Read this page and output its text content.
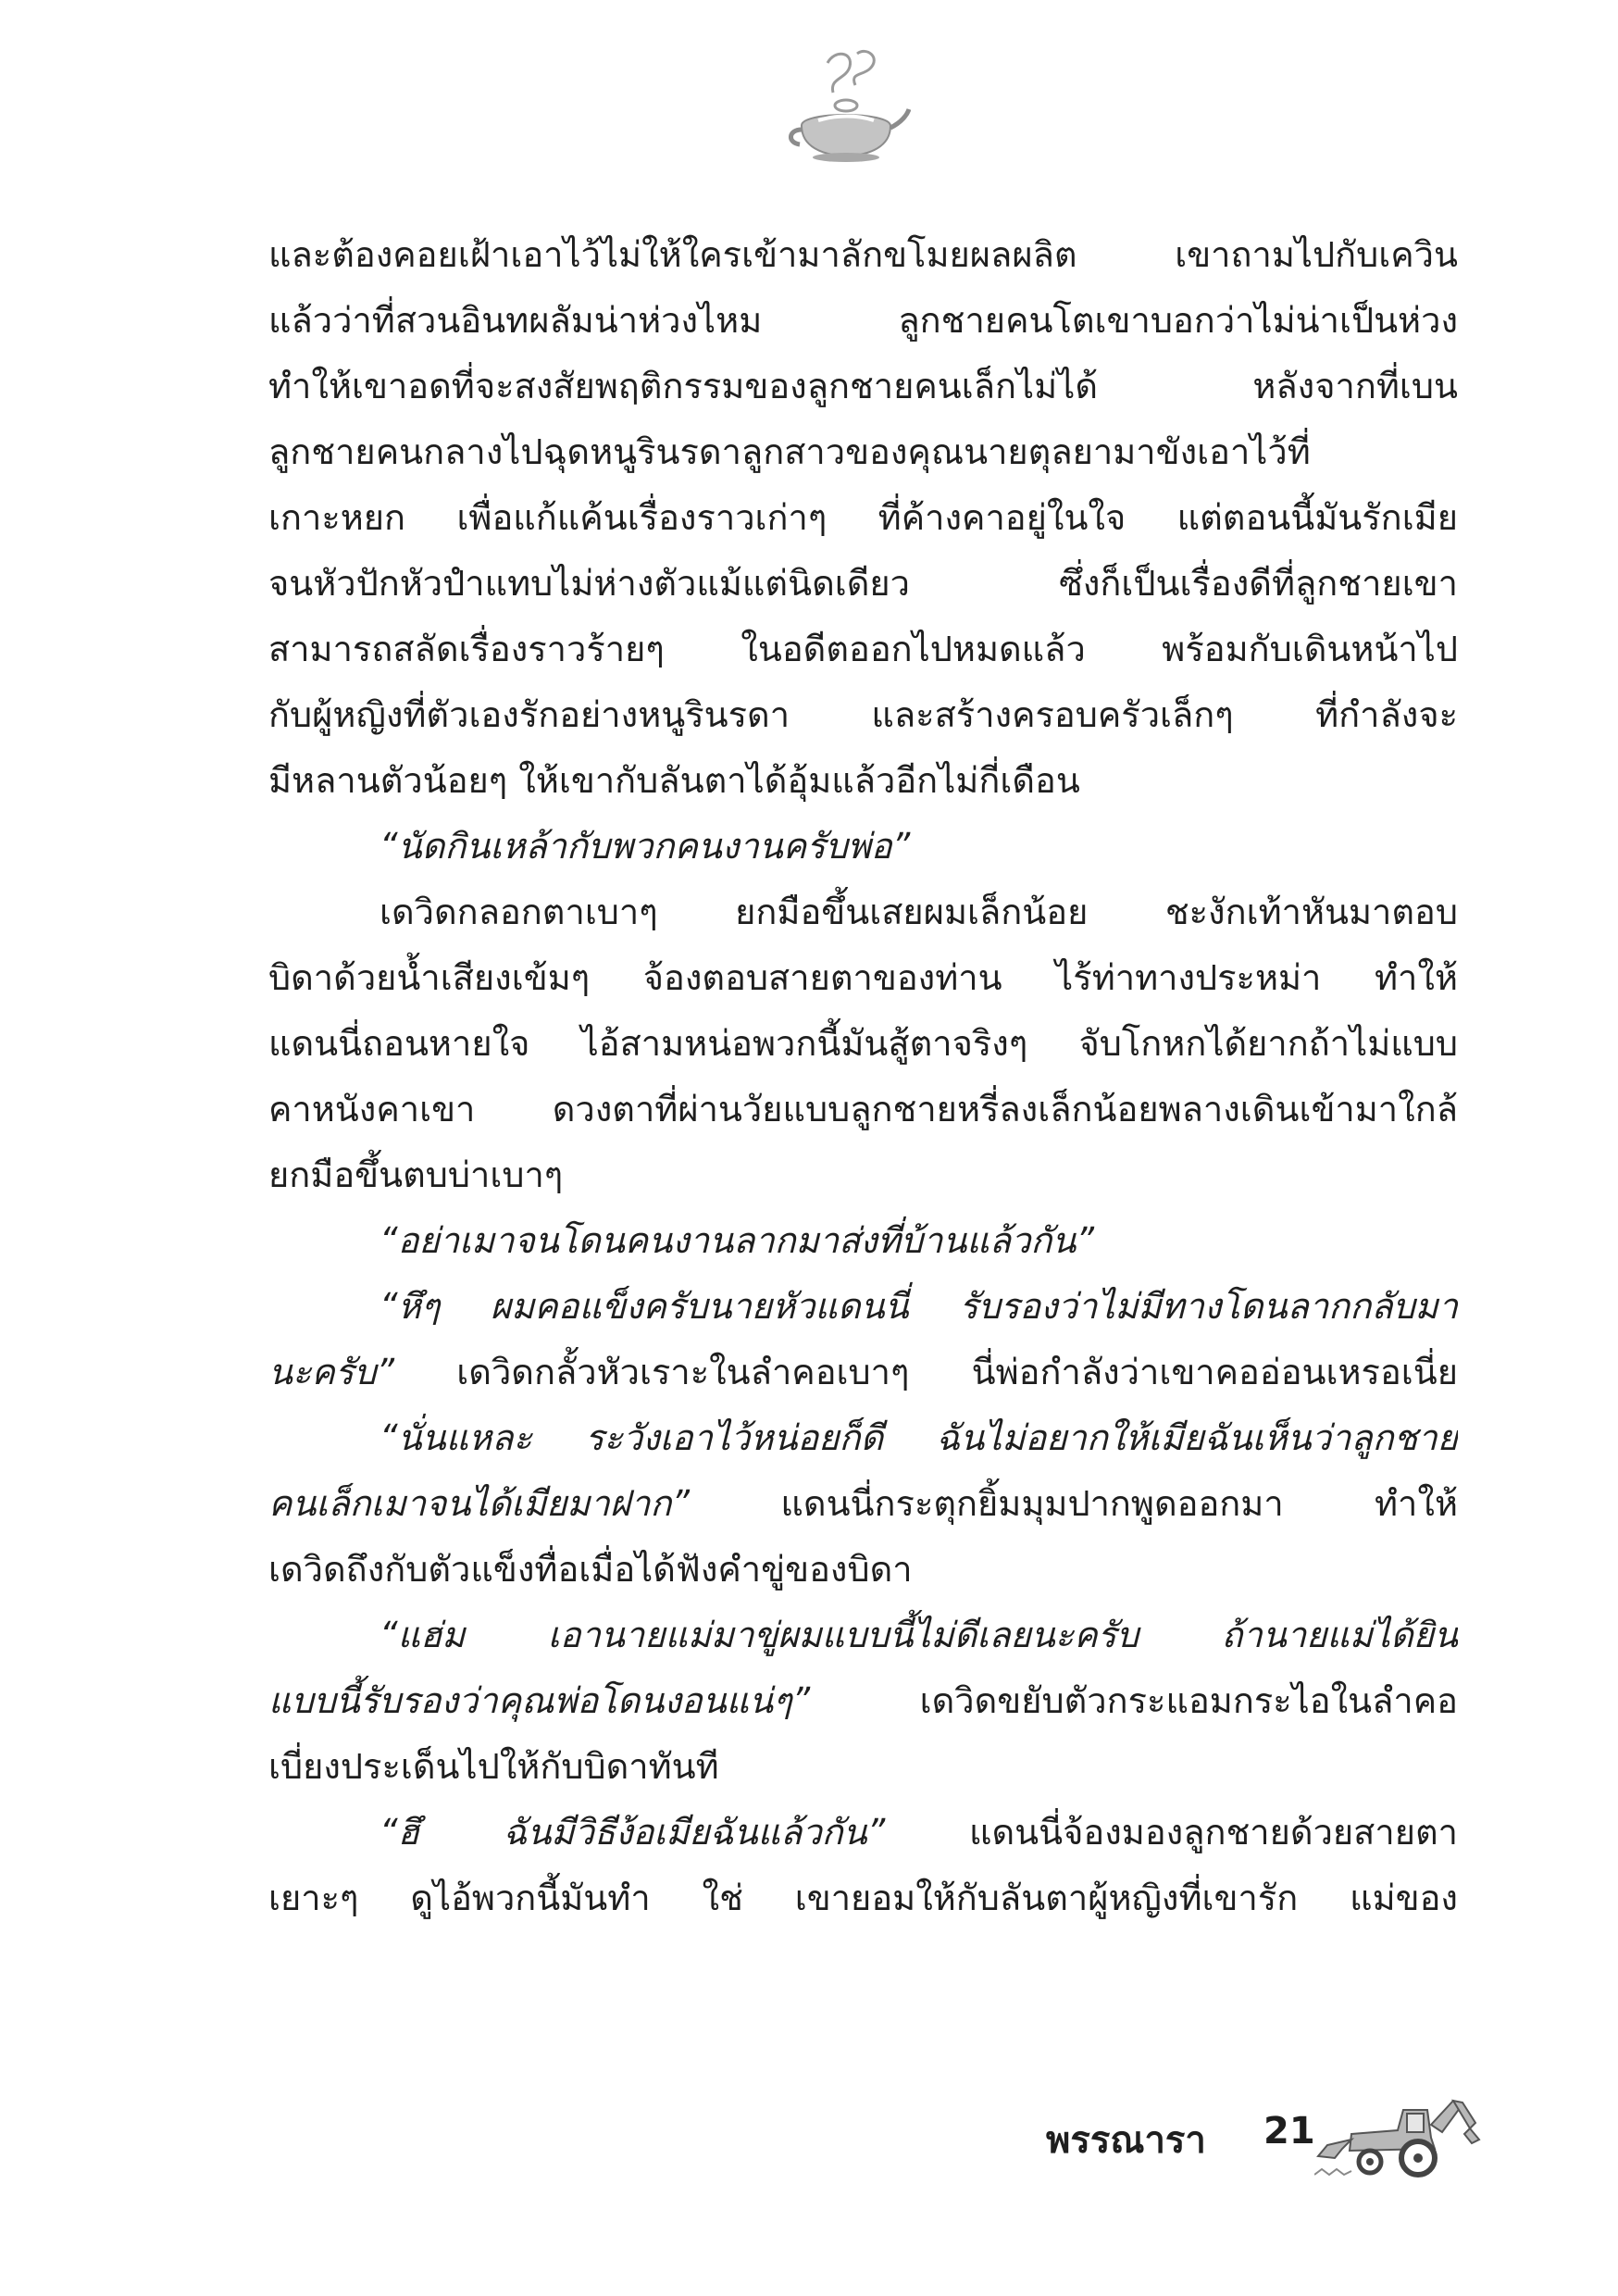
และต้องคอยเฝ้าเอาไว้ไม่ให้ใครเข้ามาลักขโมยผลผลิต เขาถามไปกับเควิน
แล้วว่าที่สวนอินทผลัมน่าห่วงไหม ลูกชายคนโตเขาบอกว่าไม่น่าเป็นห่วง
ทำให้เขาอดที่จะสงสัยพฤติกรรมของลูกชายคนเล็กไม่ได้ หลังจากที่เบน
ลูกชายคนกลางไปฉุดหนูรินรดาลูกสาวของคุณนายตุลยามาขังเอาไว้ที่
เกาะหยก เพื่อแก้แค้นเรื่องราวเก่าๆ ที่ค้างคาอยู่ในใจ แต่ตอนนี้มันรักเมีย
จนหัวปักหัวปำแทบไม่ห่างตัวแม้แต่นิดเดียว ซึ่งก็เป็นเรื่องดีที่ลูกชายเขา
สามารถสลัดเรื่องราวร้ายๆ ในอดีตออกไปหมดแล้ว พร้อมกับเดินหน้าไป
กับผู้หญิงที่ตัวเองรักอย่างหนูรินรดา และสร้างครอบครัวเล็กๆ ที่กำลังจะ
มีหลานตัวน้อยๆ ให้เขากับลันตาได้อุ้มแล้วอีกไม่กี่เดือน
“นัดกินเหล้ากับพวกคนงานครับพ่อ”
เดวิดกลอกตาเบาๆ ยกมือขึ้นเสยผมเล็กน้อย ชะงักเท้าหันมาตอบ
บิดาด้วยน้ำเสียงเข้มๆ จ้องตอบสายตาของท่าน ไร้ท่าทางประหม่า ทำให้
แดนนี่ถอนหายใจ ไอ้สามหน่อพวกนี้มันสู้ตาจริงๆ จับโกหกได้ยากถ้าไม่แบบ
คาหนังคาเขา ดวงตาที่ผ่านวัยแบบลูกชายหรี่ลงเล็กน้อยพลางเดินเข้ามาใกล้
ยกมือขึ้นตบบ่าเบาๆ
“อย่าเมาจนโดนคนงานลากมาส่งที่บ้านแล้วกัน”
“หึๆ ผมคอแข็งครับนายหัวแดนนี่ รับรองว่าไม่มีทางโดนลากกลับมา
นะครับ” เดวิดกลั้วหัวเราะในลำคอเบาๆ นี่พ่อกำลังว่าเขาคออ่อนเหรอเนี่ย
“นั่นแหละ ระวังเอาไว้หน่อยก็ดี ฉันไม่อยากให้เมียฉันเห็นว่าลูกชาย
คนเล็กเมาจนได้เมียมาฝาก” แดนนี่กระตุกยิ้มมุมปากพูดออกมา ทำให้
เดวิดถึงกับตัวแข็งทื่อเมื่อได้ฟังคำขู่ของบิดา
“แฮ่ม เอานายแม่มาขู่ผมแบบนี้ไม่ดีเลยนะครับ ถ้านายแม่ได้ยิน
แบบนี้รับรองว่าคุณพ่อโดนงอนแน่ๆ” เดวิดขยับตัวกระแอมกระไอในลำคอ
เบี่ยงประเด็นไปให้กับบิดาทันที
“ฮึ ฉันมีวิธีง้อเมียฉันแล้วกัน” แดนนี่จ้องมองลูกชายด้วยสายตา
เยาะๆ ดูไอ้พวกนี้มันทำ ใช่ เขายอมให้กับลันตาผู้หญิงที่เขารัก แม่ของ
พรรณารา 21
